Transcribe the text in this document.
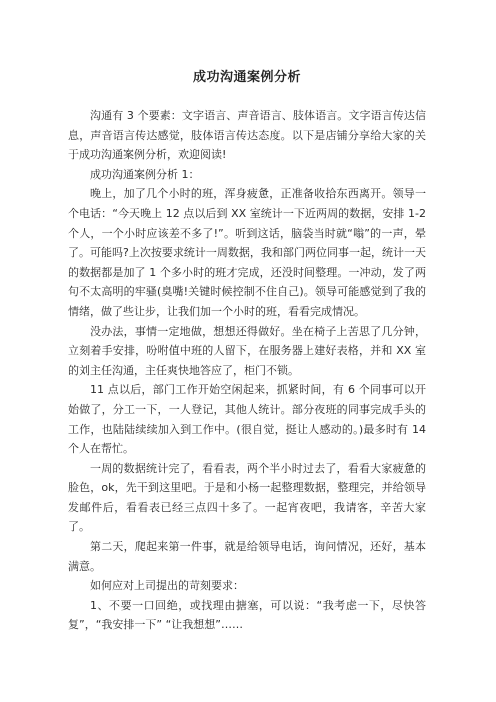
成功沟通案例分析

沟通有 3 个要素：文字语言、声音语言、肢体语言。文字语言传达信息，声音语言传达感觉，肢体语言传达态度。以下是店铺分享给大家的关于成功沟通案例分析，欢迎阅读!

成功沟通案例分析 1：

晚上，加了几个小时的班，浑身疲惫，正准备收拾东西离开。领导一个电话：“今天晚上 12 点以后到 XX 室统计一下近两周的数据，安排 1-2 个人，一个小时应该差不多了!”。听到这话，脑袋当时就“嗡”的一声，晕了。可能吗?上次按要求统计一周数据，我和部门两位同事一起，统计一天的数据都是加了 1 个多小时的班才完成，还没时间整理。一冲动，发了两句不太高明的牢骚(臭嘴!关键时候控制不住自己)。领导可能感觉到了我的情绪，做了些让步，让我们加一个小时的班，看看完成情况。

没办法，事情一定地做，想想还得做好。坐在椅子上苦思了几分钟，立刻着手安排，吩咐值中班的人留下，在服务器上建好表格，并和 XX 室的刘主任沟通，主任爽快地答应了，柜门不锁。

11 点以后，部门工作开始空闲起来，抓紧时间，有 6 个同事可以开始做了，分工一下，一人登记，其他人统计。部分夜班的同事完成手头的工作，也陆陆续续加入到工作中。(很自觉，挺让人感动的。)最多时有 14 个人在帮忙。

一周的数据统计完了，看看表，两个半小时过去了，看看大家疲惫的脸色，ok，先干到这里吧。于是和小杨一起整理数据，整理完，并给领导发邮件后，看看表已经三点四十多了。一起宵夜吧，我请客，辛苦大家了。

第二天，爬起来第一件事，就是给领导电话，询问情况，还好，基本满意。

如何应对上司提出的苛刻要求：

1、不要一口回绝，或找理由搪塞，可以说：“我考虑一下，尽快答复”，“我安排一下” “让我想想”……
